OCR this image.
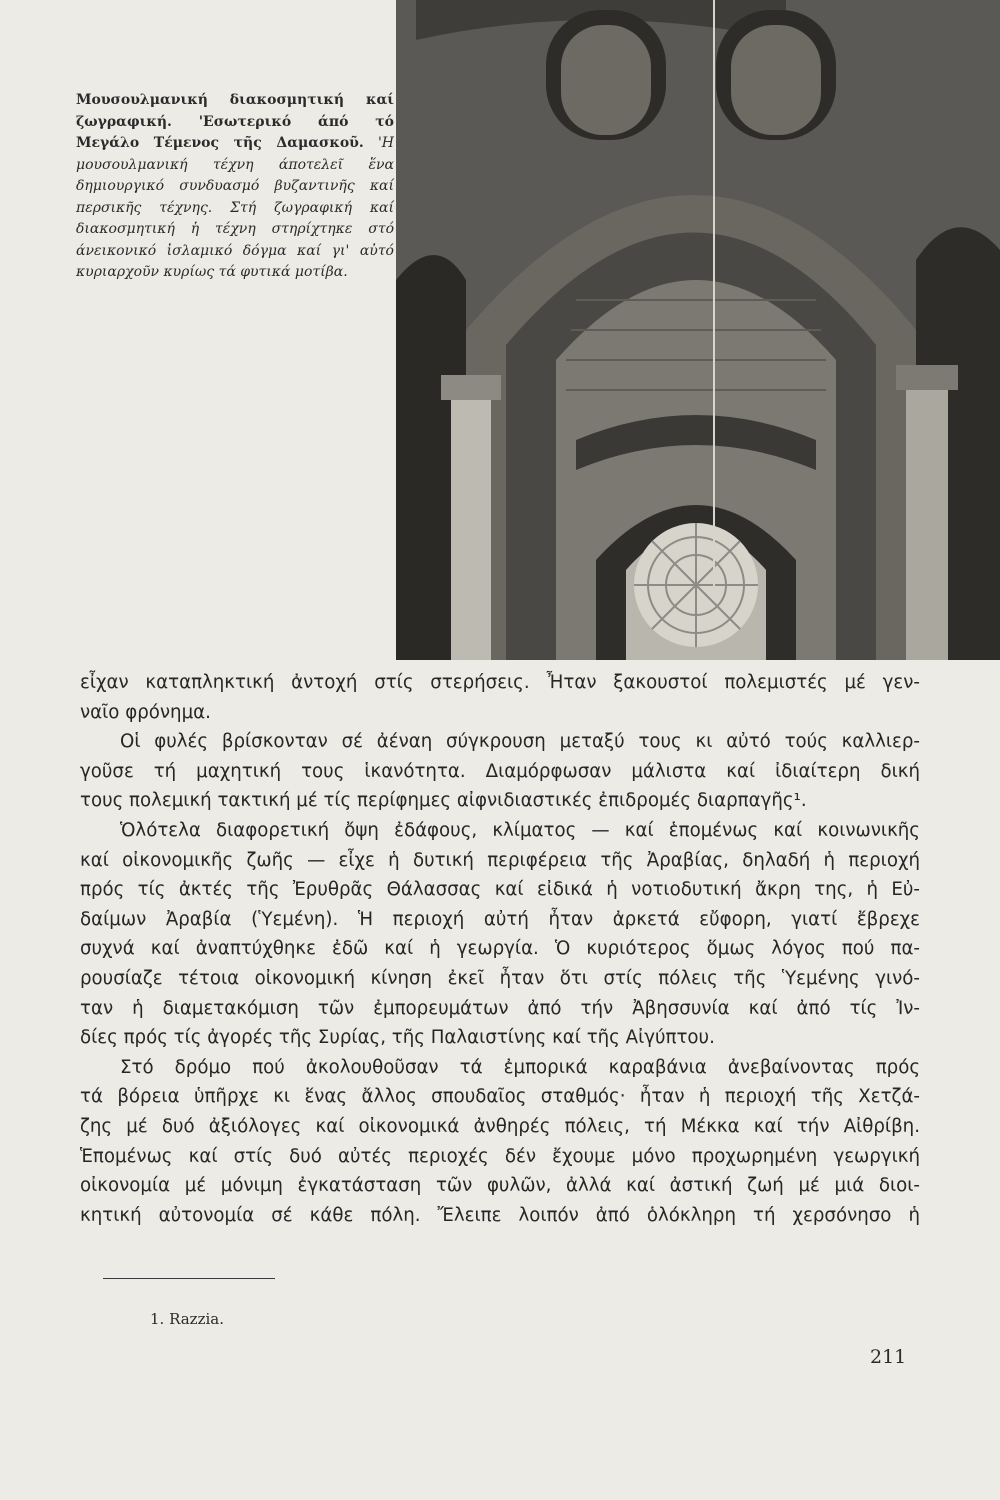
Μουσουλμανική διακοσμητική καί ζωγραφική. 'Εσωτερικό άπό τό Μεγάλο Τέμενος τῆς Δαμασκοῦ. 'Η μουσουλμανική τέχνη άποτελεῖ ἕνα δημιουργικό συνδυασμό βυζαντινῆς καί περσικῆς τέχνης. Στή ζωγραφική καί διακοσμητική ἡ τέχνη στηρίχτηκε στό άνεικονικό ἰσλαμικό δόγμα καί γι' αὐτό κυριαρχοῦν κυρίως τά φυτικά μοτίβα.
εἶχαν καταπληκτική ἀντοχή στίς στερήσεις. Ἦταν ξακουστοί πολεμιστές μέ γεν-
ναῖο φρόνημα.
Οἱ φυλές βρίσκονταν σέ ἀέναη σύγκρουση μεταξύ τους κι αὐτό τούς καλλιερ-
γοῦσε τή μαχητική τους ἱκανότητα. Διαμόρφωσαν μάλιστα καί ἰδιαίτερη δική
τους πολεμική τακτική μέ τίς περίφημες αἰφνιδιαστικές ἐπιδρομές διαρπαγῆς¹.
Ὁλότελα διαφορετική ὄψη ἐδάφους, κλίματος — καί ἑπομένως καί κοινωνικῆς
καί οἰκονομικῆς ζωῆς — εἶχε ἡ δυτική περιφέρεια τῆς Ἀραβίας, δηλαδή ἡ περιοχή
πρός τίς ἀκτές τῆς Ἐρυθρᾶς Θάλασσας καί εἰδικά ἡ νοτιοδυτική ἄκρη της, ἡ Εὐ-
δαίμων Ἀραβία (Ὑεμένη). Ἡ περιοχή αὐτή ἦταν ἀρκετά εὔφορη, γιατί ἔβρεχε
συχνά καί ἀναπτύχθηκε ἐδῶ καί ἡ γεωργία. Ὁ κυριότερος ὅμως λόγος πού πα-
ρουσίαζε τέτοια οἰκονομική κίνηση ἐκεῖ ἦταν ὅτι στίς πόλεις τῆς Ὑεμένης γινό-
ταν ἡ διαμετακόμιση τῶν ἐμπορευμάτων ἀπό τήν Ἀβησσυνία καί ἀπό τίς Ἰν-
δίες πρός τίς ἀγορές τῆς Συρίας, τῆς Παλαιστίνης καί τῆς Αἰγύπτου.
Στό δρόμο πού ἀκολουθοῦσαν τά ἐμπορικά καραβάνια ἀνεβαίνοντας πρός
τά βόρεια ὑπῆρχε κι ἕνας ἄλλος σπουδαῖος σταθμός· ἦταν ἡ περιοχή τῆς Χετζά-
ζης μέ δυό ἀξιόλογες καί οἰκονομικά ἀνθηρές πόλεις, τή Μέκκα καί τήν Αἰθρίβη.
Ἑπομένως καί στίς δυό αὐτές περιοχές δέν ἔχουμε μόνο προχωρημένη γεωργική
οἰκονομία μέ μόνιμη ἐγκατάσταση τῶν φυλῶν, ἀλλά καί ἀστική ζωή μέ μιά διοι-
κητική αὐτονομία σέ κάθε πόλη. Ἔλειπε λοιπόν ἀπό ὁλόκληρη τή χερσόνησο ἡ
1. Razzia.
211
